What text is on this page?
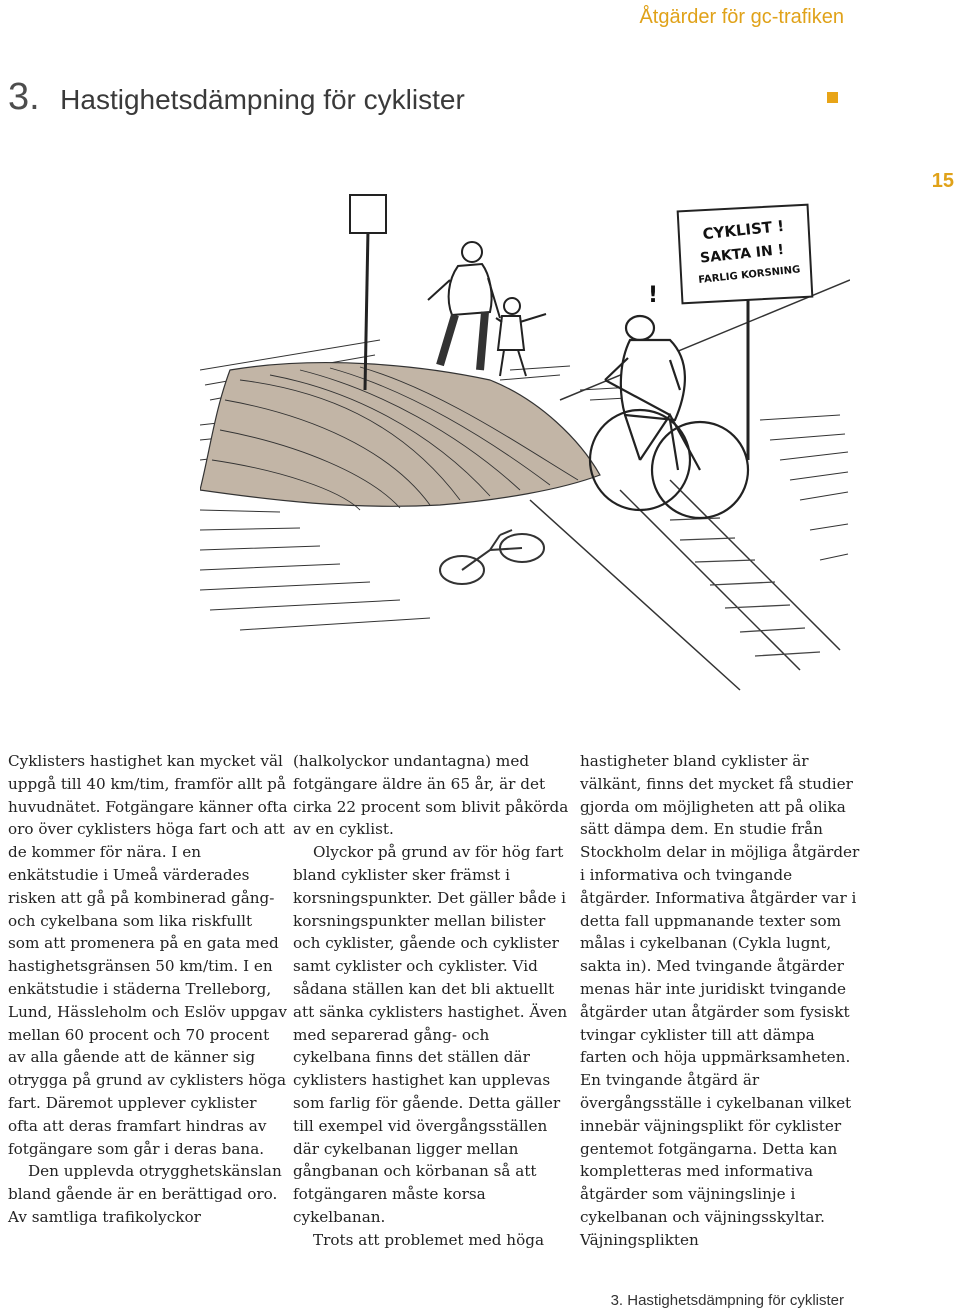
Åtgärder för gc-trafiken
3. Hastighetsdämpning för cyklister
15
CYKLIST !
SAKTA IN !
FARLIG KORSNING
!

Cyklisters hastighet kan mycket väl uppgå till 40 km/tim, framför allt på huvudnätet. Fotgängare känner ofta oro över cyklisters höga fart och att de kommer för nära. I en enkätstudie i Umeå värderades risken att gå på kombinerad gång- och cykelbana som lika riskfullt som att promenera på en gata med hastighetsgränsen 50 km/tim. I en enkätstudie i städerna Trelleborg, Lund, Hässleholm och Eslöv uppgav mellan 60 procent och 70 procent av alla gående att de känner sig otrygga på grund av cyklisters höga fart. Däremot upplever cyklister ofta att deras framfart hindras av fotgängare som går i deras bana.

Den upplevda otrygghetskänslan bland gående är en berättigad oro. Av samtliga trafikolyckor

(halkolyckor undantagna) med fotgängare äldre än 65 år, är det cirka 22 procent som blivit påkörda av en cyklist.

Olyckor på grund av för hög fart bland cyklister sker främst i korsningspunkter. Det gäller både i korsningspunkter mellan bilister och cyklister, gående och cyklister samt cyklister och cyklister. Vid sådana ställen kan det bli aktuellt att sänka cyklisters hastighet. Även med separerad gång- och cykelbana finns det ställen där cyklisters hastighet kan upplevas som farlig för gående. Detta gäller till exempel vid övergångsställen där cykelbanan ligger mellan gångbanan och körbanan så att fotgängaren måste korsa cykelbanan.

Trots att problemet med höga

hastigheter bland cyklister är välkänt, finns det mycket få studier gjorda om möjligheten att på olika sätt dämpa dem. En studie från Stockholm delar in möjliga åtgärder i informativa och tvingande åtgärder. Informativa åtgärder var i detta fall uppmanande texter som målas i cykelbanan (Cykla lugnt, sakta in). Med tvingande åtgärder menas här inte juridiskt tvingande åtgärder utan åtgärder som fysiskt tvingar cyklister till att dämpa farten och höja uppmärksamheten.

En tvingande åtgärd är övergångsställe i cykelbanan vilket innebär väjningsplikt för cyklister gentemot fotgängarna. Detta kan kompletteras med informativa åtgärder som väjningslinje i cykelbanan och väjningsskyltar. Väjningsplikten

3. Hastighetsdämpning för cyklister
